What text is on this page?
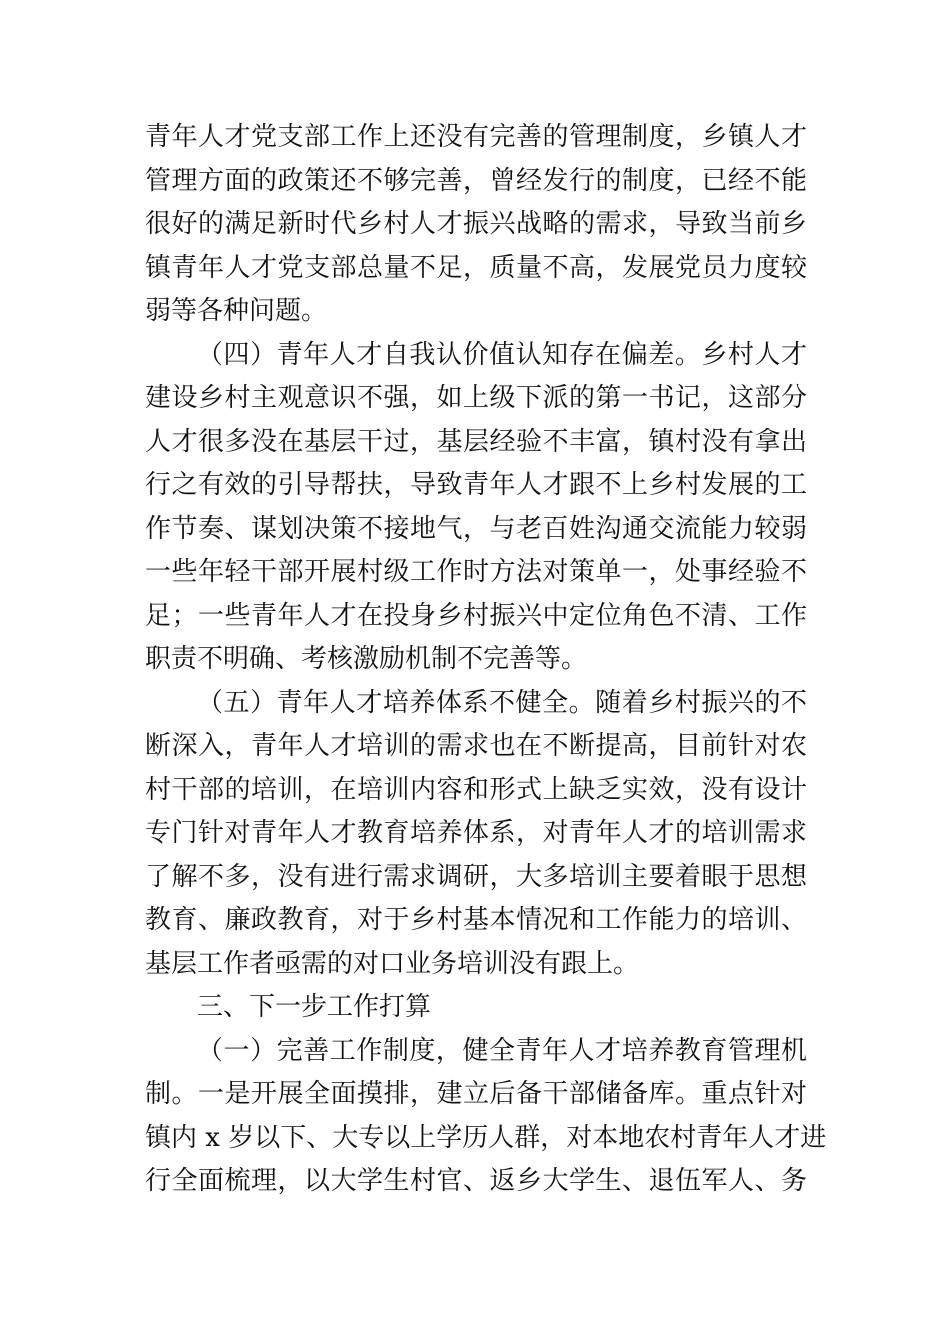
青年人才党支部工作上还没有完善的管理制度，乡镇人才
管理方面的政策还不够完善，曾经发行的制度，已经不能
很好的满足新时代乡村人才振兴战略的需求，导致当前乡
镇青年人才党支部总量不足，质量不高，发展党员力度较
弱等各种问题。
（四）青年人才自我认价值认知存在偏差。乡村人才
建设乡村主观意识不强，如上级下派的第一书记，这部分
人才很多没在基层干过，基层经验不丰富，镇村没有拿出
行之有效的引导帮扶，导致青年人才跟不上乡村发展的工
作节奏、谋划决策不接地气，与老百姓沟通交流能力较弱
一些年轻干部开展村级工作时方法对策单一，处事经验不
足；一些青年人才在投身乡村振兴中定位角色不清、工作
职责不明确、考核激励机制不完善等。
（五）青年人才培养体系不健全。随着乡村振兴的不
断深入，青年人才培训的需求也在不断提高，目前针对农
村干部的培训，在培训内容和形式上缺乏实效，没有设计
专门针对青年人才教育培养体系，对青年人才的培训需求
了解不多，没有进行需求调研，大多培训主要着眼于思想
教育、廉政教育，对于乡村基本情况和工作能力的培训、
基层工作者亟需的对口业务培训没有跟上。
三、下一步工作打算
（一）完善工作制度，健全青年人才培养教育管理机
制。一是开展全面摸排，建立后备干部储备库。重点针对
镇内 x 岁以下、大专以上学历人群，对本地农村青年人才进
行全面梳理，以大学生村官、返乡大学生、退伍军人、务
